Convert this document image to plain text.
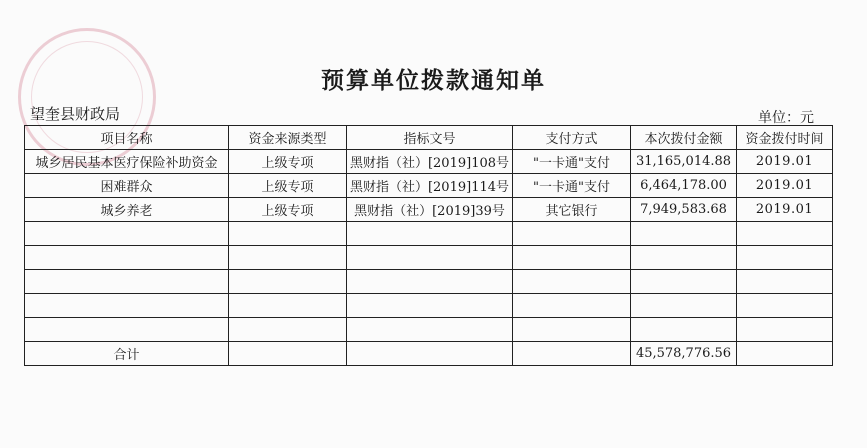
预算单位拨款通知单
望奎县财政局	单位：元
项目名称	资金来源类型	指标文号	支付方式	本次拨付金额	资金拨付时间
城乡居民基本医疗保险补助资金	上级专项	黑财指（社）[2019]108号	"一卡通"支付	31,165,014.88	2019.01
困难群众	上级专项	黑财指（社）[2019]114号	"一卡通"支付	6,464,178.00	2019.01
城乡养老	上级专项	黑财指（社）[2019]39号	其它银行	7,949,583.68	2019.01

合计				45,578,776.56	
